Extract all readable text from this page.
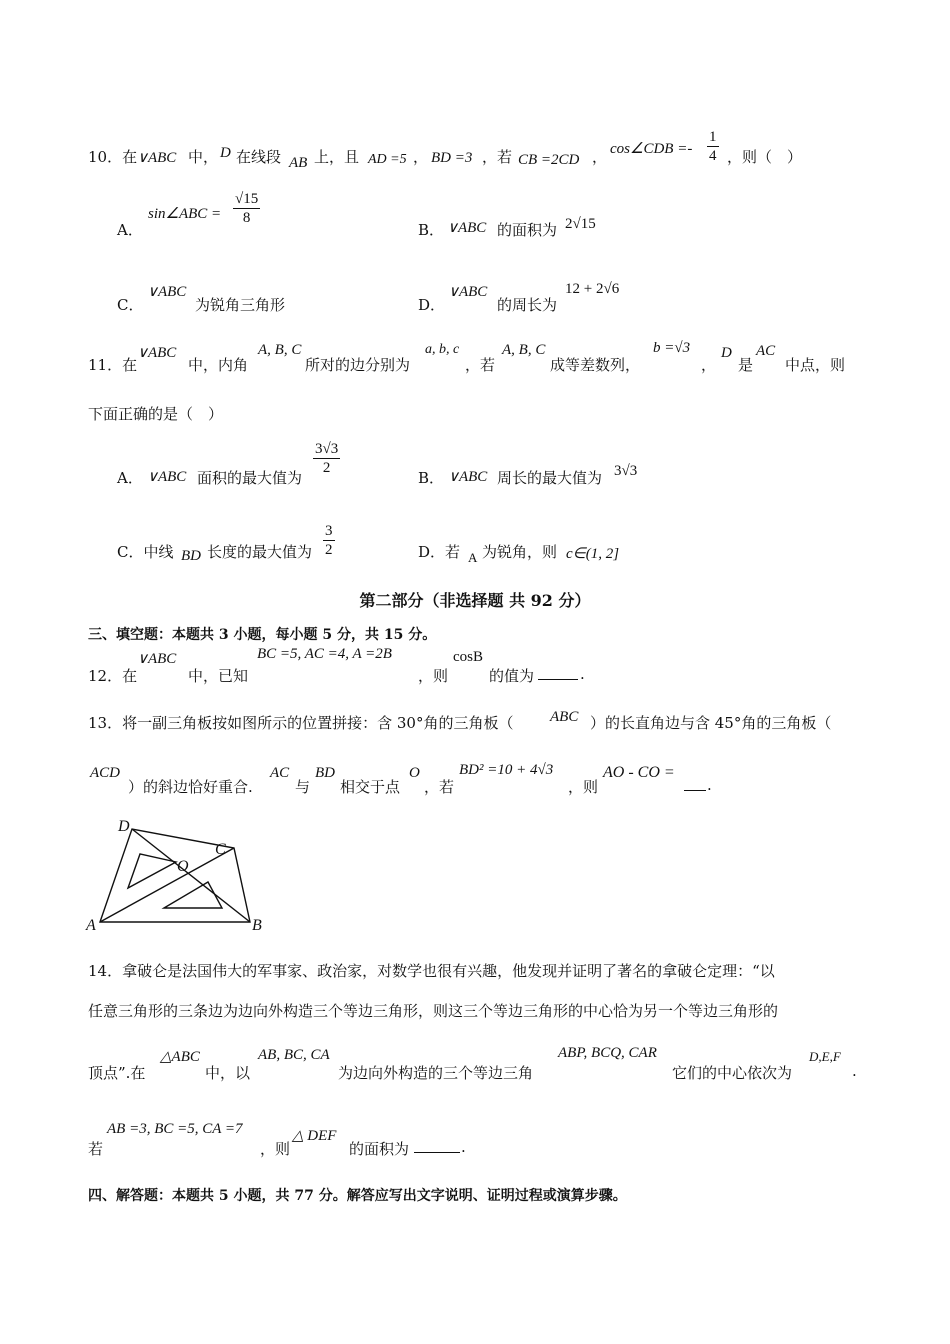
10．在 ∨ABC 中， D 在线段 AB 上，且 AD =5 ， BD =3 ，若 CB =2CD ， cos∠CDB =- $\frac{1}{4}$ ，则（　）
A．
sin∠ABC = $\frac{√15}{8}$
B． ∨ABC 的面积为 2√15
C．
∨ABC
为锐角三角形	D．
∨ABC
的周长为
12 + 2√6
11．在
∨ABC
中，内角
A, B, C
所对的边分别为
a, b, c
，若
A, B, C
成等差数列，
b =√3
，
D
是
AC
中点，则
下面正确的是（　）
A． ∨ABC 面积的最大值为
$\frac{3√3}{2}$
B． ∨ABC 周长的最大值为 3√3
C．中线 BD 长度的最大值为 $\frac{3}{2}$	D．若 A 为锐角，则 c∈(1, 2]
第二部分（非选择题 共 92 分）
三、填空题：本题共 3 小题，每小题 5 分，共 15 分。
12．在
∨ABC
中，已知
BC =5, AC =4, A =2B
，则
cosB
的值为	.
13．将一副三角板按如图所示的位置拼接：含 30°角的三角板（ ABC ）的长直角边与含 45°角的三角板（
ACD
）的斜边恰好重合.
AC
与
BD
相交于点
O
，若
BD² =10 + 4√3
，则
AO - CO =
.
D
C
O
A	B
14．拿破仑是法国伟大的军事家、政治家，对数学也很有兴趣，他发现并证明了著名的拿破仑定理：“以
任意三角形的三条边为边向外构造三个等边三角形，则这三个等边三角形的中心恰为另一个等边三角形的
顶点”.在
△ABC
中，以
AB, BC, CA
为边向外构造的三个等边三角
ABP, BCQ, CAR
它们的中心依次为
D,E,F
.
若
AB =3, BC =5, CA =7
，则
△ DEF
的面积为	.
四、解答题：本题共 5 小题，共 77 分。解答应写出文字说明、证明过程或演算步骤。
